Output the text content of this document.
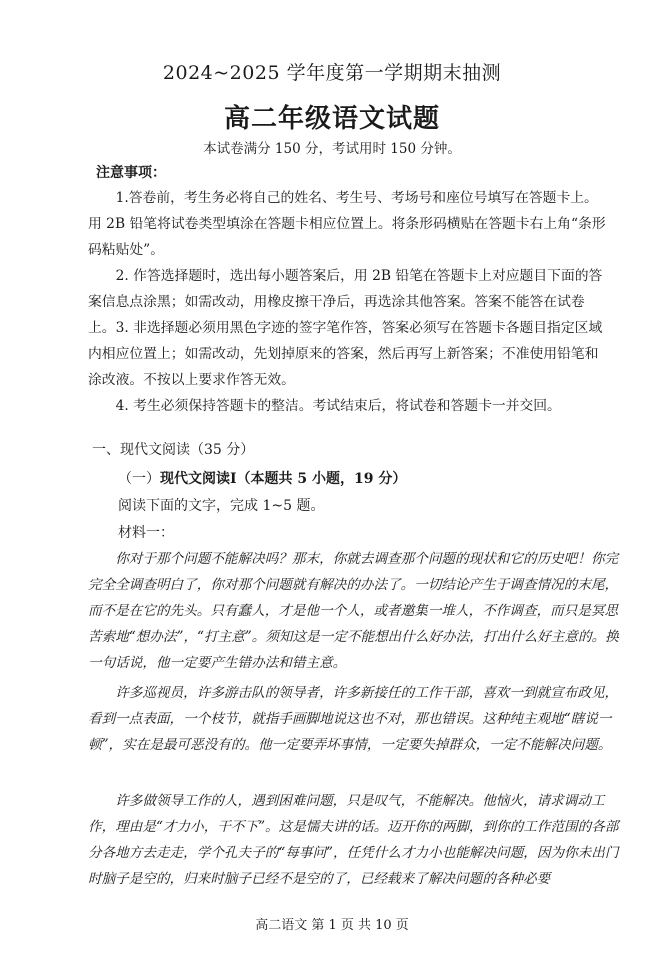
2024~2025 学年度第一学期期末抽测
高二年级语文试题
本试卷满分 150 分，考试用时 150 分钟。
注意事项：

1.答卷前，考生务必将自己的姓名、考生号、考场号和座位号填写在答题卡上。用 2B 铅笔将试卷类型填涂在答题卡相应位置上。将条形码横贴在答题卡右上角“条形码粘贴处”。

2. 作答选择题时，选出每小题答案后，用 2B 铅笔在答题卡上对应题目下面的答案信息点涂黑；如需改动，用橡皮擦干净后，再选涂其他答案。答案不能答在试卷上。 3. 非选择题必须用黑色字迹的签字笔作答，答案必须写在答题卡各题目指定区域内相应位置上；如需改动，先划掉原来的答案，然后再写上新答案；不准使用铅笔和涂改液。不按以上要求作答无效。

4. 考生必须保持答题卡的整洁。考试结束后，将试卷和答题卡一并交回。

一、现代文阅读（35 分）
（一）现代文阅读Ⅰ（本题共 5 小题，19 分）
阅读下面的文字，完成 1~5 题。
材料一：

你对于那个问题不能解决吗？那末，你就去调查那个问题的现状和它的历史吧！你完完全全调查明白了，你对那个问题就有解决的办法了。一切结论产生于调查情况的末尾，而不是在它的先头。只有蠢人，才是他一个人，或者邀集一堆人，不作调查，而只是冥思苦索地“想办法”，“打主意”。须知这是一定不能想出什么好办法，打出什么好主意的。换一句话说，他一定要产生错办法和错主意。

许多巡视员，许多游击队的领导者，许多新接任的工作干部，喜欢一到就宣布政见，看到一点表面，一个枝节，就指手画脚地说这也不对，那也错误。这种纯主观地“瞎说一顿”，实在是最可恶没有的。他一定要弄坏事情，一定要失掉群众，一定不能解决问题。

许多做领导工作的人，遇到困难问题，只是叹气，不能解决。他恼火，请求调动工作，理由是“才力小，干不下”。这是懦夫讲的话。迈开你的两脚，到你的工作范围的各部分各地方去走走，学个孔夫子的“每事问”，任凭什么才力小也能解决问题，因为你未出门时脑子是空的，归来时脑子已经不是空的了，已经载来了解决问题的各种必要

高二语文 第 1 页 共 10 页
